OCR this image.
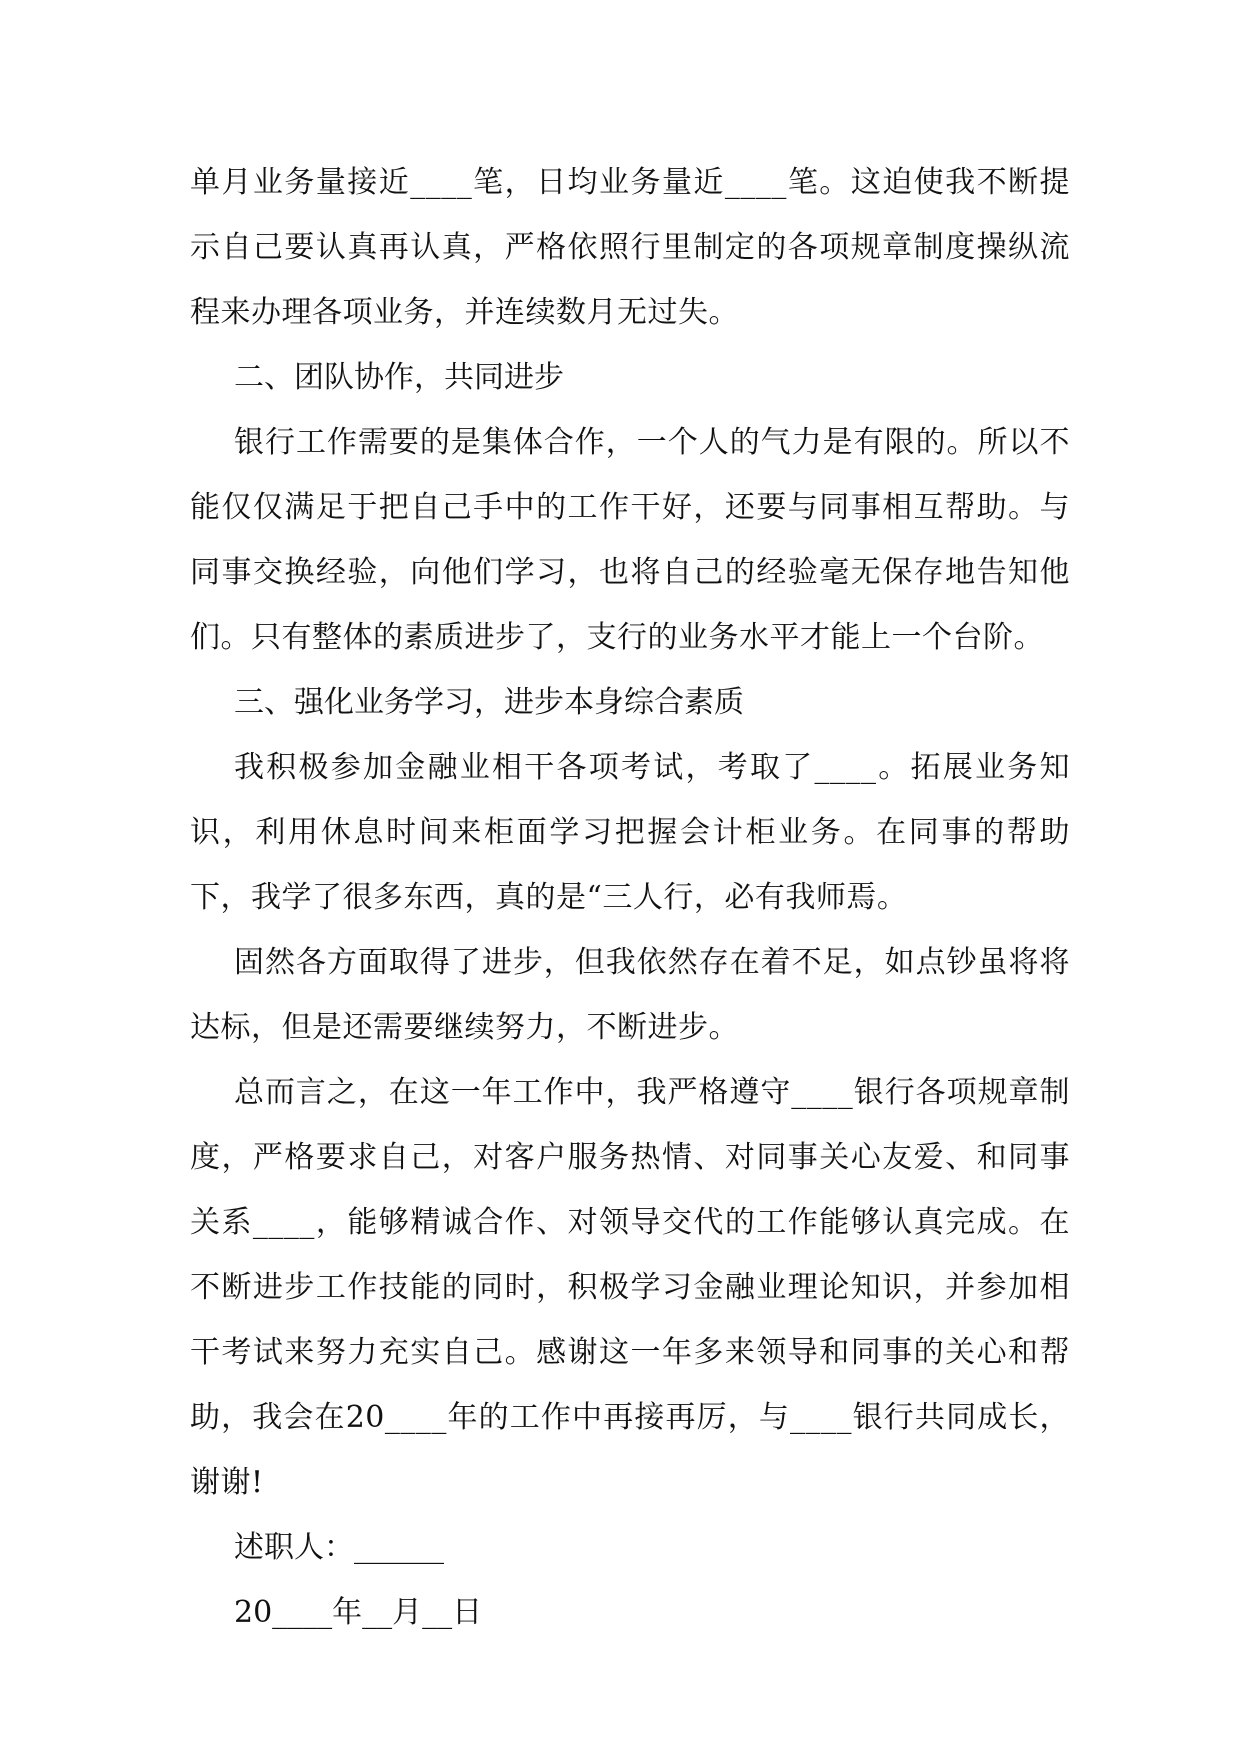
单月业务量接近____笔，日均业务量近____笔。这迫使我不断提示自己要认真再认真，严格依照行里制定的各项规章制度操纵流程来办理各项业务，并连续数月无过失。

二、团队协作，共同进步

银行工作需要的是集体合作，一个人的气力是有限的。所以不能仅仅满足于把自己手中的工作干好，还要与同事相互帮助。与同事交换经验，向他们学习，也将自己的经验毫无保存地告知他们。只有整体的素质进步了，支行的业务水平才能上一个台阶。

三、强化业务学习，进步本身综合素质

我积极参加金融业相干各项考试，考取了____。拓展业务知识，利用休息时间来柜面学习把握会计柜业务。在同事的帮助下，我学了很多东西，真的是“三人行，必有我师焉。

固然各方面取得了进步，但我依然存在着不足，如点钞虽将将达标，但是还需要继续努力，不断进步。

总而言之，在这一年工作中，我严格遵守____银行各项规章制度，严格要求自己，对客户服务热情、对同事关心友爱、和同事关系____，能够精诚合作、对领导交代的工作能够认真完成。在不断进步工作技能的同时，积极学习金融业理论知识，并参加相干考试来努力充实自己。感谢这一年多来领导和同事的关心和帮助，我会在20____年的工作中再接再厉，与____银行共同成长，谢谢!

述职人：______

20____年__月__日
